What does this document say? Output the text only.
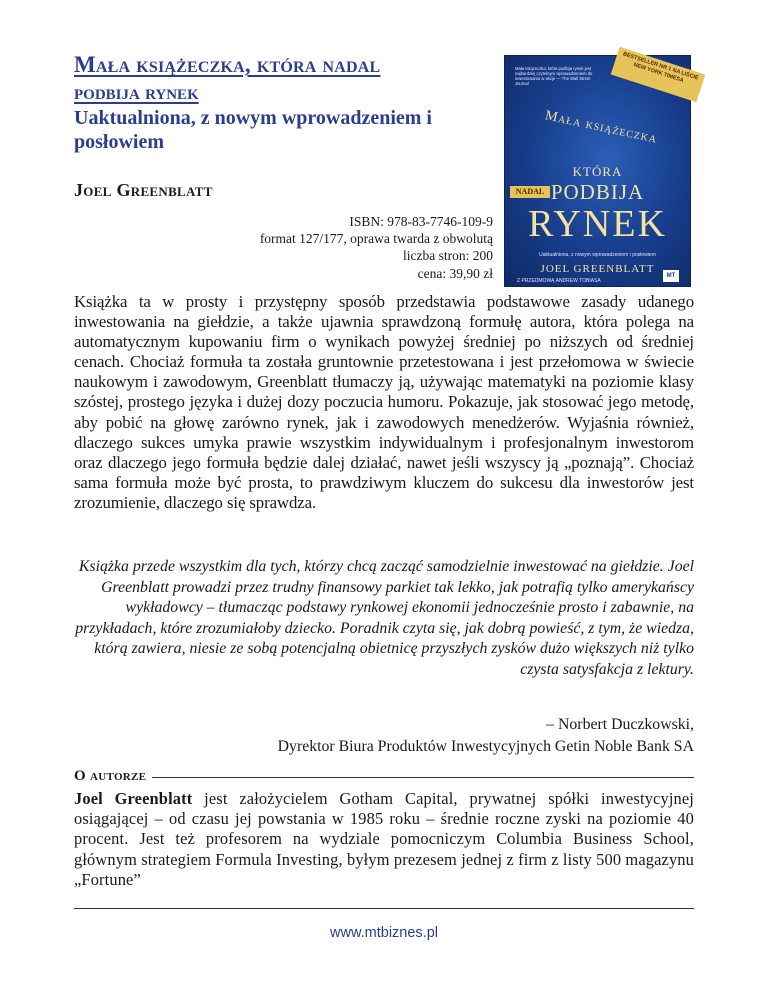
Mała książeczka, która nadal
podbija rynek
Uaktualniona, z nowym wprowadzeniem i posłowiem
Joel Greenblatt
ISBN: 978-83-7746-109-9
format 127/177, oprawa twarda z obwolutą
liczba stron: 200
cena: 39,90 zł
Mała książeczka, która podbija rynek jest najbardziej czytelnym wprowadzeniem do inwestowania w akcje — The Wall Street Journal
BESTSELLER NR 1 NA LIŚCIE NEW YORK TIMESA
Mała książeczka
KTÓRA
NADAL PODBIJA
RYNEK
Uaktualniona, z nowym wprowadzeniem i posłowiem
JOEL GREENBLATT
Z PRZEDMOWĄ ANDREW TOBIASA
MT
Książka ta w prosty i przystępny sposób przedstawia podstawowe zasady udanego inwestowania na giełdzie, a także ujawnia sprawdzoną formułę autora, która polega na automatycznym kupowaniu firm o wynikach powyżej średniej po niższych od średniej cenach. Chociaż formuła ta została gruntownie przetestowana i jest przełomowa w świecie naukowym i zawodowym, Greenblatt tłumaczy ją, używając matematyki na poziomie klasy szóstej, prostego języka i dużej dozy poczucia humoru. Pokazuje, jak stosować jego metodę, aby pobić na głowę zarówno rynek, jak i zawodowych menedżerów. Wyjaśnia również, dlaczego sukces umyka prawie wszystkim indywidualnym i profesjonalnym inwestorom oraz dlaczego jego formuła będzie dalej działać, nawet jeśli wszyscy ją „poznają”. Chociaż sama formuła może być prosta, to prawdziwym kluczem do sukcesu dla inwestorów jest zrozumienie, dlaczego się sprawdza.
Książka przede wszystkim dla tych, którzy chcą zacząć samodzielnie inwestować na giełdzie. Joel Greenblatt prowadzi przez trudny finansowy parkiet tak lekko, jak potrafią tylko amerykańscy wykładowcy – tłumacząc podstawy rynkowej ekonomii jednocześnie prosto i zabawnie, na przykładach, które zrozumiałoby dziecko. Poradnik czyta się, jak dobrą powieść, z tym, że wiedza, którą zawiera, niesie ze sobą potencjalną obietnicę przyszłych zysków dużo większych niż tylko czysta satysfakcja z lektury.
– Norbert Duczkowski,
Dyrektor Biura Produktów Inwestycyjnych Getin Noble Bank SA
O autorze
Joel Greenblatt jest założycielem Gotham Capital, prywatnej spółki inwestycyjnej osiągającej – od czasu jej powstania w 1985 roku – średnie roczne zyski na poziomie 40 procent. Jest też profesorem na wydziale pomocniczym Columbia Business School, głównym strategiem Formula Investing, byłym prezesem jednej z firm z listy 500 magazynu „Fortune”
www.mtbiznes.pl
